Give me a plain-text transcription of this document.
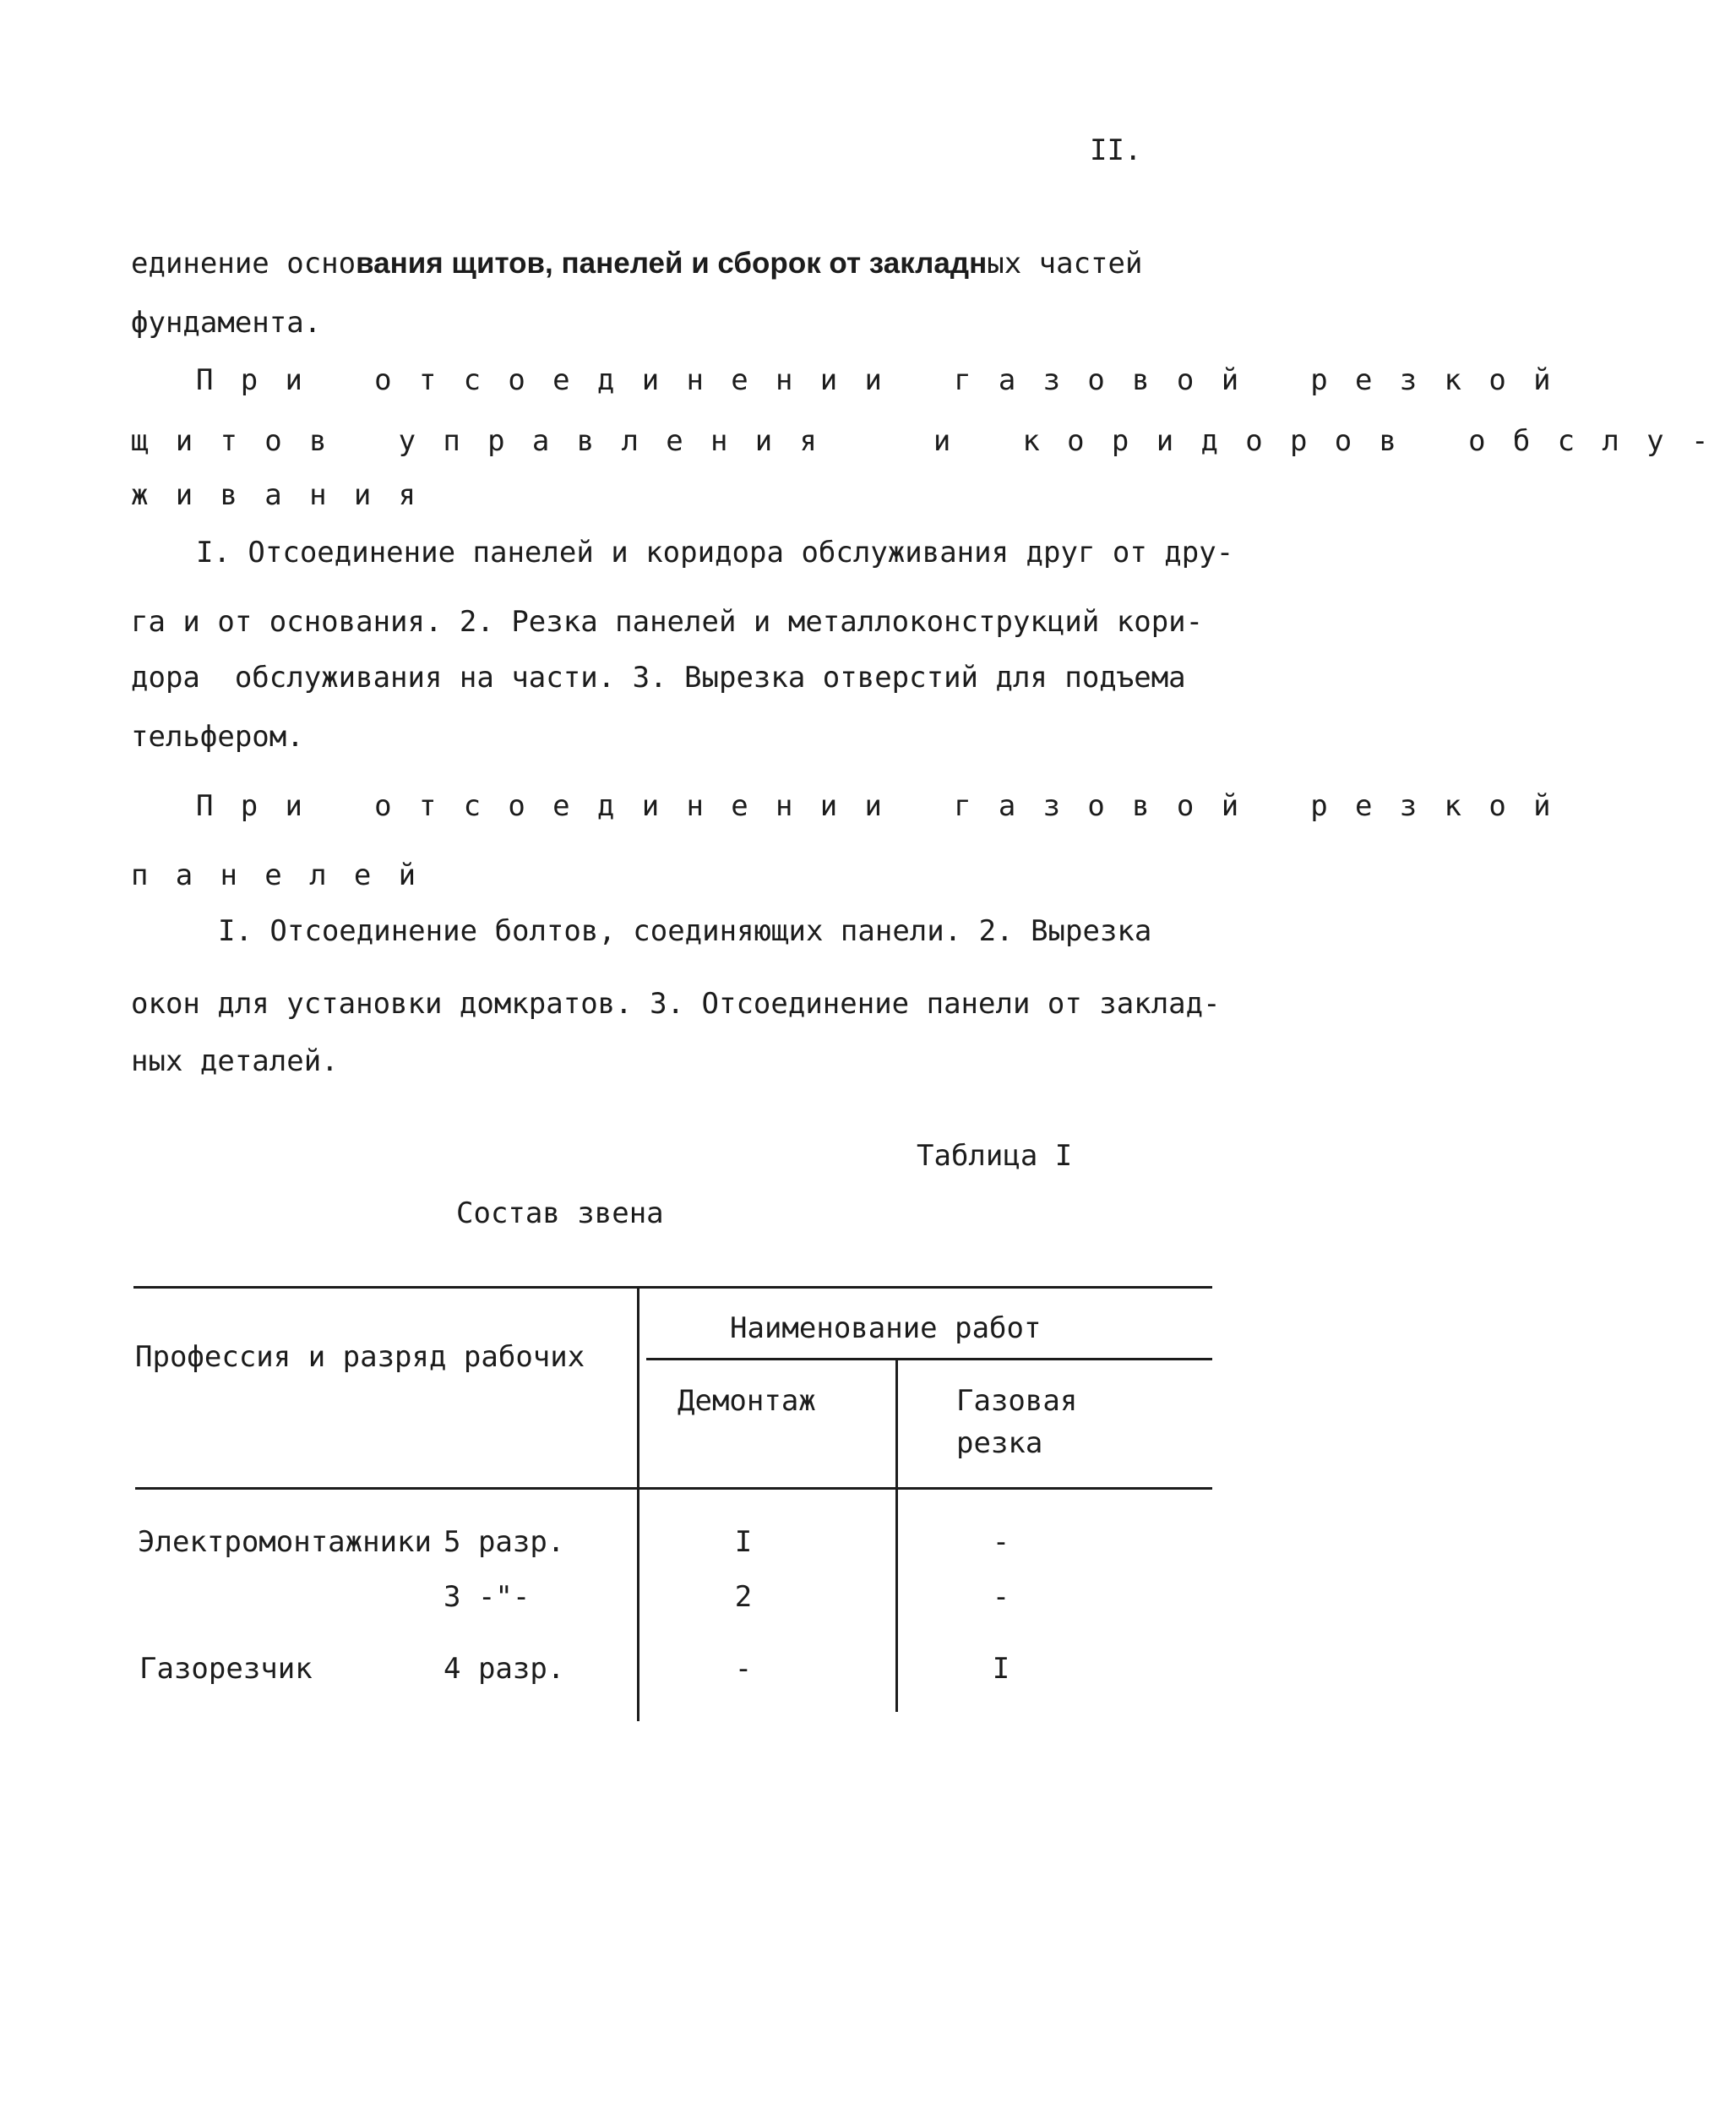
II.
единение основания щитов, панелей и сборок от закладных частей
фундамента.
При отсоединении газовой резкой
щитов управления  и коридоров обслу-
живания
I. Отсоединение панелей и коридора обслуживания друг от дру-
га и от основания. 2. Резка панелей и металлоконструкций кори-
дора  обслуживания на части. 3. Вырезка отверстий для подъема
тельфером.
При отсоединении газовой резкой
панелей
I. Отсоединение болтов, соединяющих панели. 2. Вырезка
окон для установки домкратов. 3. Отсоединение панели от заклад-
ных деталей.
Таблица I
Состав звена
Профессия и разряд рабочих
Наименование работ
Демонтаж	Газовая
резка
Электромонтажники 5 разр.	I	-
3 -"-	2	-
Газорезчик	4 разр.	-	I
